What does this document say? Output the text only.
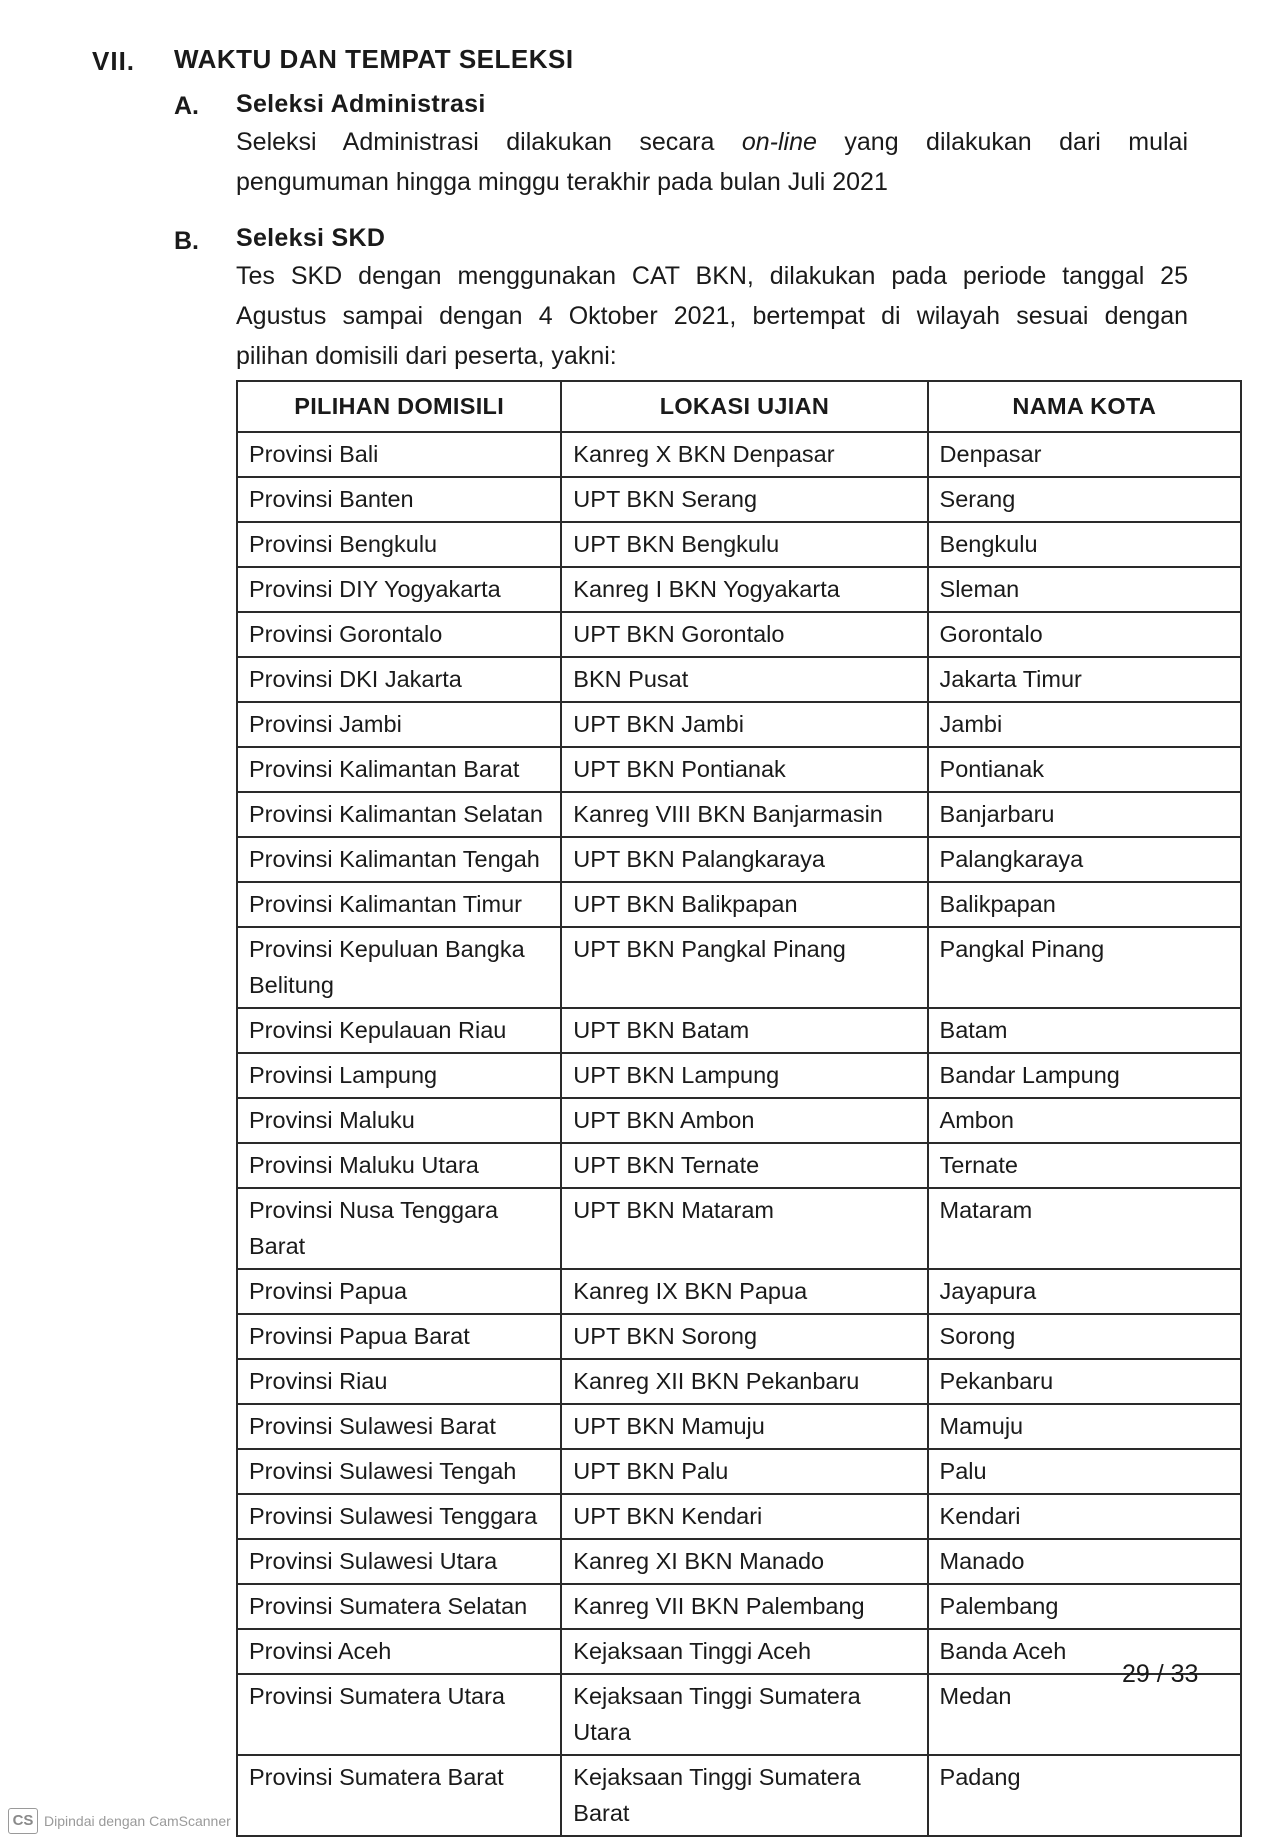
VII. WAKTU DAN TEMPAT SELEKSI
A. Seleksi Administrasi
Seleksi Administrasi dilakukan secara on-line yang dilakukan dari mulai
pengumuman hingga minggu terakhir pada bulan Juli 2021
B. Seleksi SKD
Tes SKD dengan menggunakan CAT BKN, dilakukan pada periode tanggal 25
Agustus sampai dengan 4 Oktober 2021, bertempat di wilayah sesuai dengan
pilihan domisili dari peserta, yakni:
PILIHAN DOMISILI	LOKASI UJIAN	NAMA KOTA
Provinsi Bali	Kanreg X BKN Denpasar	Denpasar
Provinsi Banten	UPT BKN Serang	Serang
Provinsi Bengkulu	UPT BKN Bengkulu	Bengkulu
Provinsi DIY Yogyakarta	Kanreg I BKN Yogyakarta	Sleman
Provinsi Gorontalo	UPT BKN Gorontalo	Gorontalo
Provinsi DKI Jakarta	BKN Pusat	Jakarta Timur
Provinsi Jambi	UPT BKN Jambi	Jambi
Provinsi Kalimantan Barat	UPT BKN Pontianak	Pontianak
Provinsi Kalimantan Selatan	Kanreg VIII BKN Banjarmasin	Banjarbaru
Provinsi Kalimantan Tengah	UPT BKN Palangkaraya	Palangkaraya
Provinsi Kalimantan Timur	UPT BKN Balikpapan	Balikpapan
Provinsi Kepuluan Bangka Belitung	UPT BKN Pangkal Pinang	Pangkal Pinang
Provinsi Kepulauan Riau	UPT BKN Batam	Batam
Provinsi Lampung	UPT BKN Lampung	Bandar Lampung
Provinsi Maluku	UPT BKN Ambon	Ambon
Provinsi Maluku Utara	UPT BKN Ternate	Ternate
Provinsi Nusa Tenggara Barat	UPT BKN Mataram	Mataram
Provinsi Papua	Kanreg IX BKN Papua	Jayapura
Provinsi Papua Barat	UPT BKN Sorong	Sorong
Provinsi Riau	Kanreg XII BKN Pekanbaru	Pekanbaru
Provinsi Sulawesi Barat	UPT BKN Mamuju	Mamuju
Provinsi Sulawesi Tengah	UPT BKN Palu	Palu
Provinsi Sulawesi Tenggara	UPT BKN Kendari	Kendari
Provinsi Sulawesi Utara	Kanreg XI BKN Manado	Manado
Provinsi Sumatera Selatan	Kanreg VII BKN Palembang	Palembang
Provinsi Aceh	Kejaksaan Tinggi Aceh	Banda Aceh
Provinsi Sumatera Utara	Kejaksaan Tinggi Sumatera Utara	Medan
Provinsi Sumatera Barat	Kejaksaan Tinggi Sumatera Barat	Padang
29 / 33
CS Dipindai dengan CamScanner
